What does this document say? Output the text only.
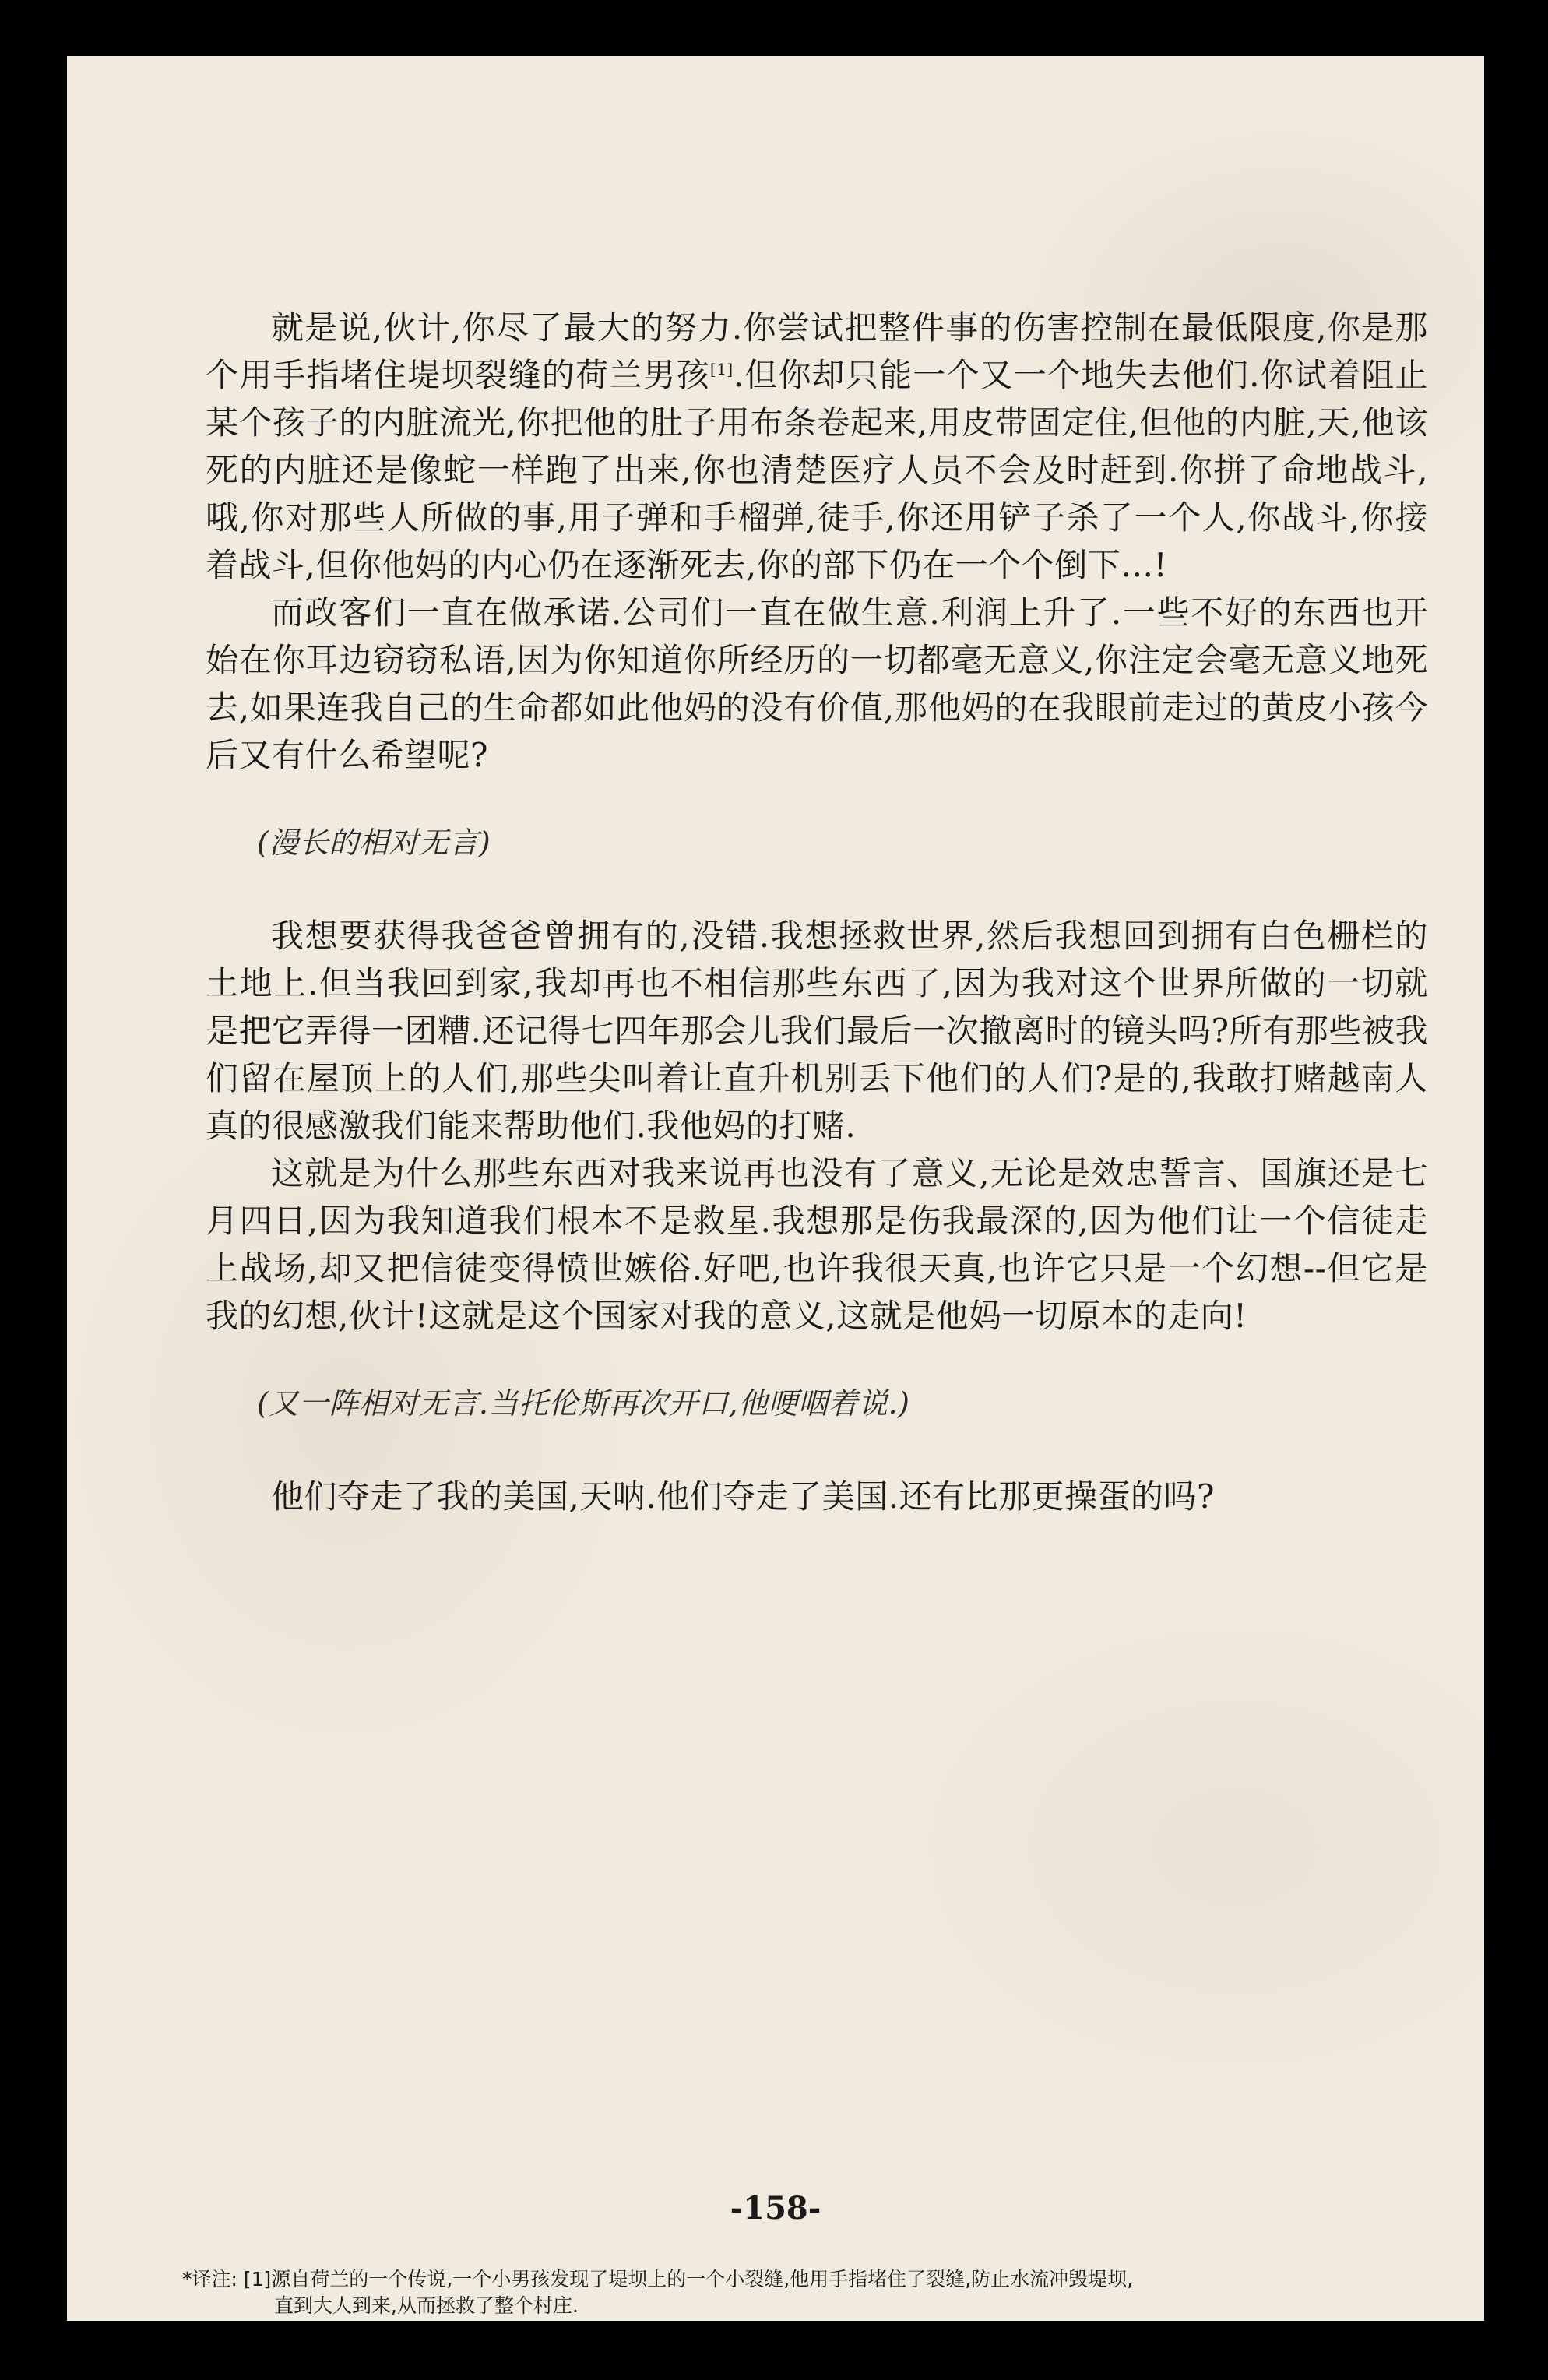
就是说,伙计,你尽了最大的努力.你尝试把整件事的伤害控制在最低限度,你是那个用手指堵住堤坝裂缝的荷兰男孩[1].但你却只能一个又一个地失去他们.你试着阻止某个孩子的内脏流光,你把他的肚子用布条卷起来,用皮带固定住,但他的内脏,天,他该死的内脏还是像蛇一样跑了出来,你也清楚医疗人员不会及时赶到.你拼了命地战斗,哦,你对那些人所做的事,用子弹和手榴弹,徒手,你还用铲子杀了一个人,你战斗,你接着战斗,但你他妈的内心仍在逐渐死去,你的部下仍在一个个倒下…!

而政客们一直在做承诺.公司们一直在做生意.利润上升了.一些不好的东西也开始在你耳边窃窃私语,因为你知道你所经历的一切都毫无意义,你注定会毫无意义地死去,如果连我自己的生命都如此他妈的没有价值,那他妈的在我眼前走过的黄皮小孩今后又有什么希望呢?

(漫长的相对无言)

我想要获得我爸爸曾拥有的,没错.我想拯救世界,然后我想回到拥有白色栅栏的土地上.但当我回到家,我却再也不相信那些东西了,因为我对这个世界所做的一切就是把它弄得一团糟.还记得七四年那会儿我们最后一次撤离时的镜头吗?所有那些被我们留在屋顶上的人们,那些尖叫着让直升机别丢下他们的人们?是的,我敢打赌越南人真的很感激我们能来帮助他们.我他妈的打赌.

这就是为什么那些东西对我来说再也没有了意义,无论是效忠誓言、国旗还是七月四日,因为我知道我们根本不是救星.我想那是伤我最深的,因为他们让一个信徒走上战场,却又把信徒变得愤世嫉俗.好吧,也许我很天真,也许它只是一个幻想--但它是我的幻想,伙计!这就是这个国家对我的意义,这就是他妈一切原本的走向!

(又一阵相对无言.当托伦斯再次开口,他哽咽着说.)

他们夺走了我的美国,天呐.他们夺走了美国.还有比那更操蛋的吗?

-158-
*译注: [1]源自荷兰的一个传说,一个小男孩发现了堤坝上的一个小裂缝,他用手指堵住了裂缝,防止水流冲毁堤坝,
直到大人到来,从而拯救了整个村庄.
